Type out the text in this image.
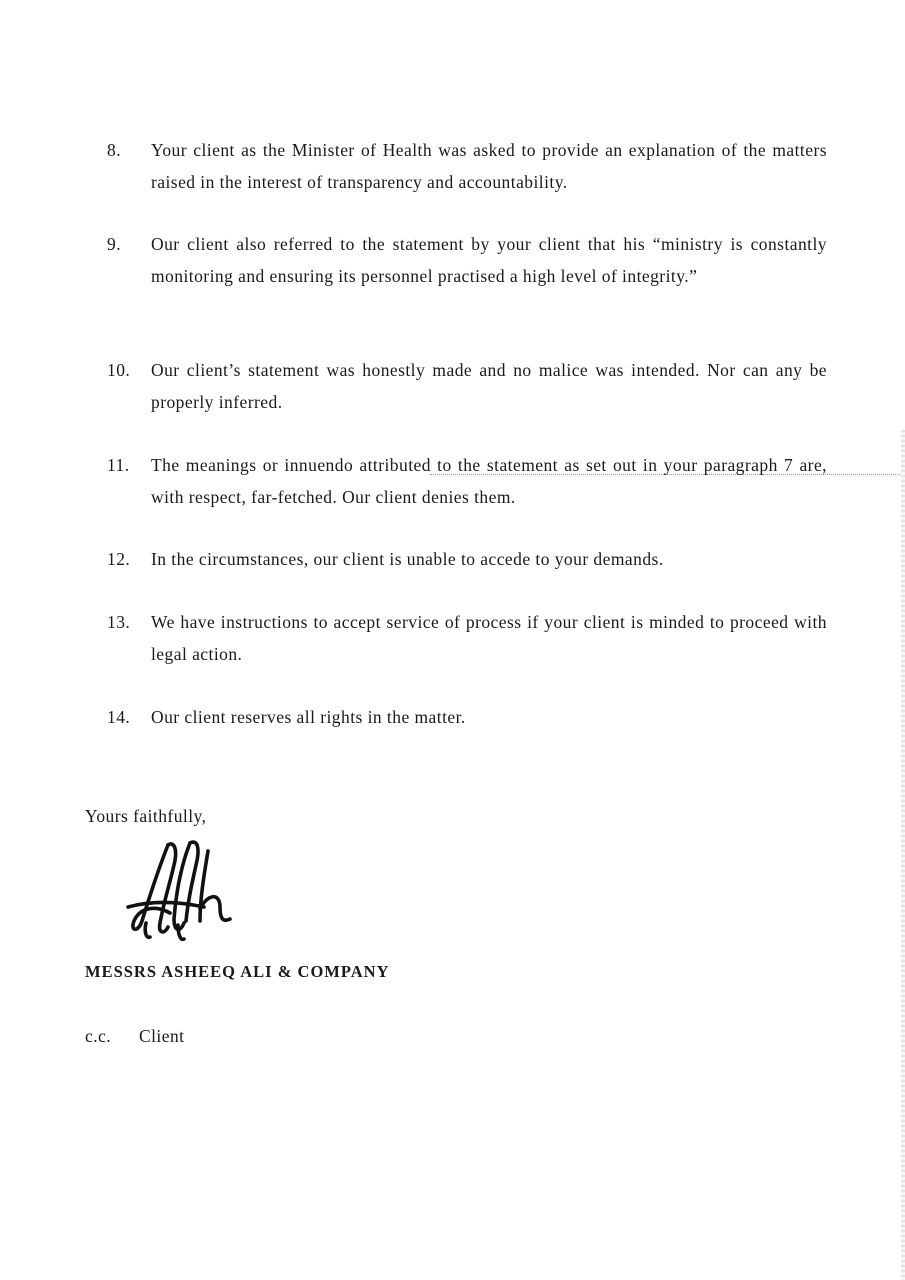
8.	Your client as the Minister of Health was asked to provide an explanation of the matters raised in the interest of transparency and accountability.
9.	Our client also referred to the statement by your client that his “ministry is constantly monitoring and ensuring its personnel practised a high level of integrity.”
10.	Our client’s statement was honestly made and no malice was intended. Nor can any be properly inferred.
11.	The meanings or innuendo attributed to the statement as set out in your paragraph 7 are, with respect, far-fetched. Our client denies them.
12.	In the circumstances, our client is unable to accede to your demands.
13.	We have instructions to accept service of process if your client is minded to proceed with legal action.
14.	Our client reserves all rights in the matter.
Yours faithfully,
MESSRS ASHEEQ ALI & COMPANY
c.c. Client
